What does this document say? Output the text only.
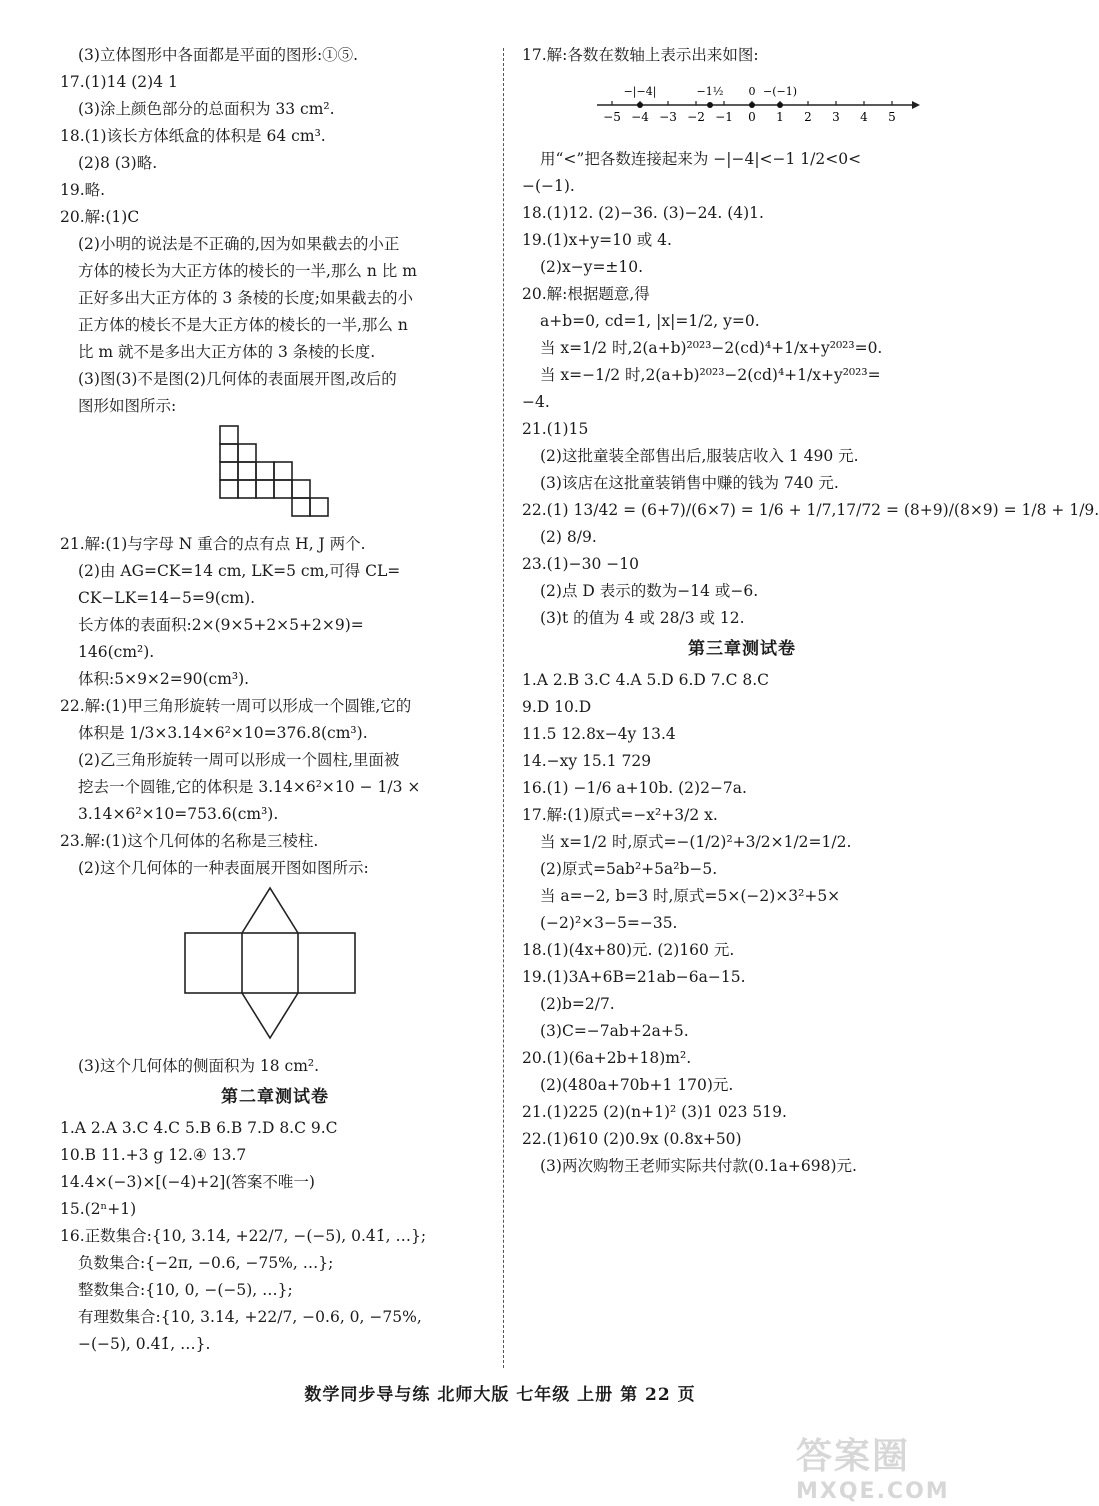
(3)立体图形中各面都是平面的图形:①⑤.
17.(1)14 (2)4 1
(3)涂上颜色部分的总面积为 33 cm².
18.(1)该长方体纸盒的体积是 64 cm³.
(2)8 (3)略.
19.略.
20.解:(1)C
(2)小明的说法是不正确的,因为如果截去的小正
方体的棱长为大正方体的棱长的一半,那么 n 比 m
正好多出大正方体的 3 条棱的长度;如果截去的小
正方体的棱长不是大正方体的棱长的一半,那么 n
比 m 就不是多出大正方体的 3 条棱的长度.
(3)图(3)不是图(2)几何体的表面展开图,改后的
图形如图所示:
21.解:(1)与字母 N 重合的点有点 H, J 两个.
(2)由 AG=CK=14 cm, LK=5 cm,可得 CL=
CK−LK=14−5=9(cm).
长方体的表面积:2×(9×5+2×5+2×9)=
146(cm²).
体积:5×9×2=90(cm³).
22.解:(1)甲三角形旋转一周可以形成一个圆锥,它的
体积是 1/3×3.14×6²×10=376.8(cm³).
(2)乙三角形旋转一周可以形成一个圆柱,里面被
挖去一个圆锥,它的体积是 3.14×6²×10 − 1/3 ×
3.14×6²×10=753.6(cm³).
23.解:(1)这个几何体的名称是三棱柱.
(2)这个几何体的一种表面展开图如图所示:
(3)这个几何体的侧面积为 18 cm².
第二章测试卷
1.A 2.A 3.C 4.C 5.B 6.B 7.D 8.C 9.C
10.B 11.+3 g 12.④ 13.7
14.4×(−3)×[(−4)+2](答案不唯一)
15.(2ⁿ+1)
16.正数集合:{10, 3.14, +22/7, −(−5), 0.4̇1̇, …};
负数集合:{−2π, −0.6, −75%, …};
整数集合:{10, 0, −(−5), …};
有理数集合:{10, 3.14, +22/7, −0.6, 0, −75%,
−(−5), 0.4̇1̇, …}.
17.解:各数在数轴上表示出来如图:
−5 −4 −3 −2 −1 0 1 2 3 4 5
−|−4|	−1½ 0 −(−1)
用“<”把各数连接起来为 −|−4|<−1 1/2<0<
−(−1).
18.(1)12. (2)−36. (3)−24. (4)1.
19.(1)x+y=10 或 4.
(2)x−y=±10.
20.解:根据题意,得
a+b=0, cd=1, |x|=1/2, y=0.
当 x=1/2 时,2(a+b)²⁰²³−2(cd)⁴+1/x+y²⁰²³=0.
当 x=−1/2 时,2(a+b)²⁰²³−2(cd)⁴+1/x+y²⁰²³=
−4.
21.(1)15
(2)这批童装全部售出后,服装店收入 1 490 元.
(3)该店在这批童装销售中赚的钱为 740 元.
22.(1) 13/42 = (6+7)/(6×7) = 1/6 + 1/7,17/72 = (8+9)/(8×9) = 1/8 + 1/9.
(2) 8/9.
23.(1)−30 −10
(2)点 D 表示的数为−14 或−6.
(3)t 的值为 4 或 28/3 或 12.
第三章测试卷
1.A 2.B 3.C 4.A 5.D 6.D 7.C 8.C
9.D 10.D
11.5 12.8x−4y 13.4
14.−xy 15.1 729
16.(1) −1/6 a+10b. (2)2−7a.
17.解:(1)原式=−x²+3/2 x.
当 x=1/2 时,原式=−(1/2)²+3/2×1/2=1/2.
(2)原式=5ab²+5a²b−5.
当 a=−2, b=3 时,原式=5×(−2)×3²+5×
(−2)²×3−5=−35.
18.(1)(4x+80)元. (2)160 元.
19.(1)3A+6B=21ab−6a−15.
(2)b=2/7.
(3)C=−7ab+2a+5.
20.(1)(6a+2b+18)m².
(2)(480a+70b+1 170)元.
21.(1)225 (2)(n+1)² (3)1 023 519.
22.(1)610 (2)0.9x (0.8x+50)
(3)两次购物王老师实际共付款(0.1a+698)元.
数学同步导与练 北师大版 七年级 上册 第 22 页
答案圈
MXQE.COM
